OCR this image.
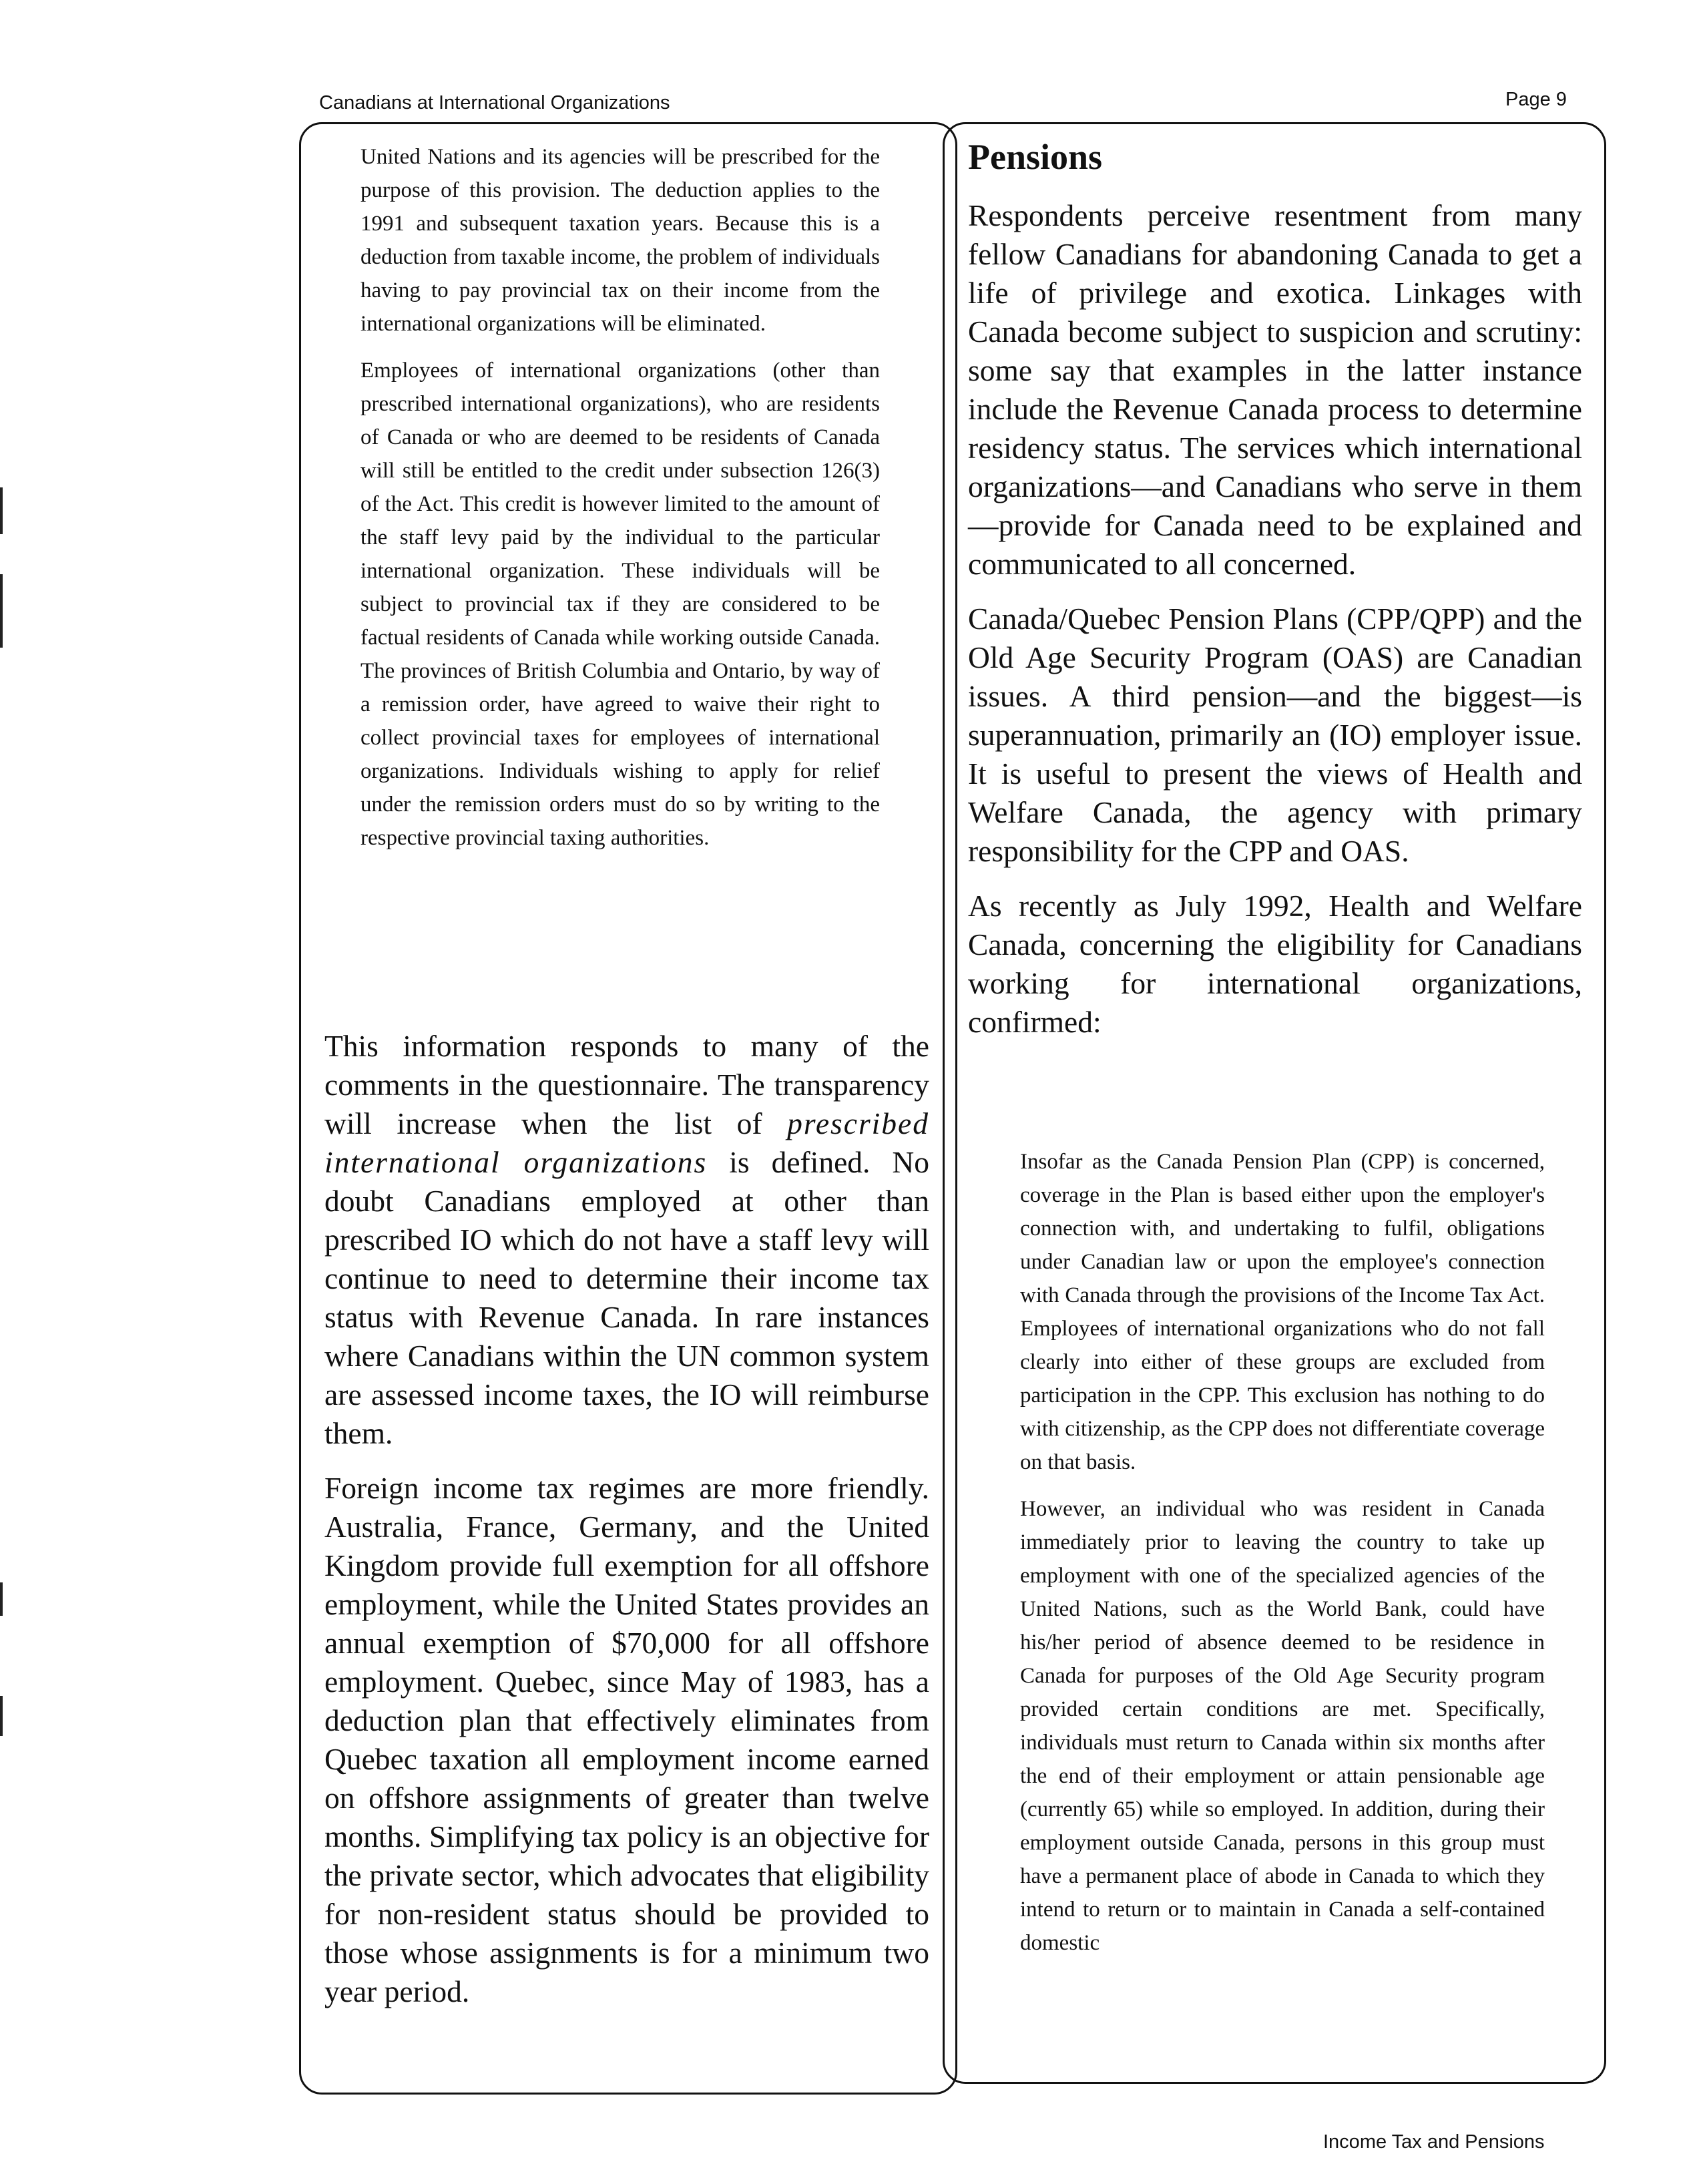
Canadians at International Organizations	Page 9

United Nations and its agencies will be prescribed for the purpose of this provision. The deduction applies to the 1991 and subsequent taxation years. Because this is a deduction from taxable income, the problem of individuals having to pay provincial tax on their income from the international organizations will be eliminated.

Employees of international organizations (other than prescribed international organizations), who are residents of Canada or who are deemed to be residents of Canada will still be entitled to the credit under subsection 126(3) of the Act. This credit is however limited to the amount of the staff levy paid by the individual to the particular international organization. These individuals will be subject to provincial tax if they are considered to be factual residents of Canada while working outside Canada. The provinces of British Columbia and Ontario, by way of a remission order, have agreed to waive their right to collect provincial taxes for employees of international organizations. Individuals wishing to apply for relief under the remission orders must do so by writing to the respective provincial taxing authorities.

This information responds to many of the comments in the questionnaire. The transparency will increase when the list of prescribed international organizations is defined. No doubt Canadians employed at other than prescribed IO which do not have a staff levy will continue to need to determine their income tax status with Revenue Canada. In rare instances where Canadians within the UN common system are assessed income taxes, the IO will reimburse them.

Foreign income tax regimes are more friendly. Australia, France, Germany, and the United Kingdom provide full exemption for all offshore employment, while the United States provides an annual exemption of $70,000 for all offshore employment. Quebec, since May of 1983, has a deduction plan that effectively eliminates from Quebec taxation all employment income earned on offshore assignments of greater than twelve months. Simplifying tax policy is an objective for the private sector, which advocates that eligibility for non-resident status should be provided to those whose assignments is for a minimum two year period.

Pensions

Respondents perceive resentment from many fellow Canadians for abandoning Canada to get a life of privilege and exotica. Linkages with Canada become subject to suspicion and scrutiny: some say that examples in the latter instance include the Revenue Canada process to determine residency status. The services which international organizations—and Canadians who serve in them—provide for Canada need to be explained and communicated to all concerned.

Canada/Quebec Pension Plans (CPP/QPP) and the Old Age Security Program (OAS) are Canadian issues. A third pension—and the biggest—is superannuation, primarily an (IO) employer issue. It is useful to present the views of Health and Welfare Canada, the agency with primary responsibility for the CPP and OAS.

As recently as July 1992, Health and Welfare Canada, concerning the eligibility for Canadians working for international organizations, confirmed:

Insofar as the Canada Pension Plan (CPP) is concerned, coverage in the Plan is based either upon the employer's connection with, and undertaking to fulfil, obligations under Canadian law or upon the employee's connection with Canada through the provisions of the Income Tax Act. Employees of international organizations who do not fall clearly into either of these groups are excluded from participation in the CPP. This exclusion has nothing to do with citizenship, as the CPP does not differentiate coverage on that basis.

However, an individual who was resident in Canada immediately prior to leaving the country to take up employment with one of the specialized agencies of the United Nations, such as the World Bank, could have his/her period of absence deemed to be residence in Canada for purposes of the Old Age Security program provided certain conditions are met. Specifically, individuals must return to Canada within six months after the end of their employment or attain pensionable age (currently 65) while so employed. In addition, during their employment outside Canada, persons in this group must have a permanent place of abode in Canada to which they intend to return or to maintain in Canada a self-contained domestic

Income Tax and Pensions
